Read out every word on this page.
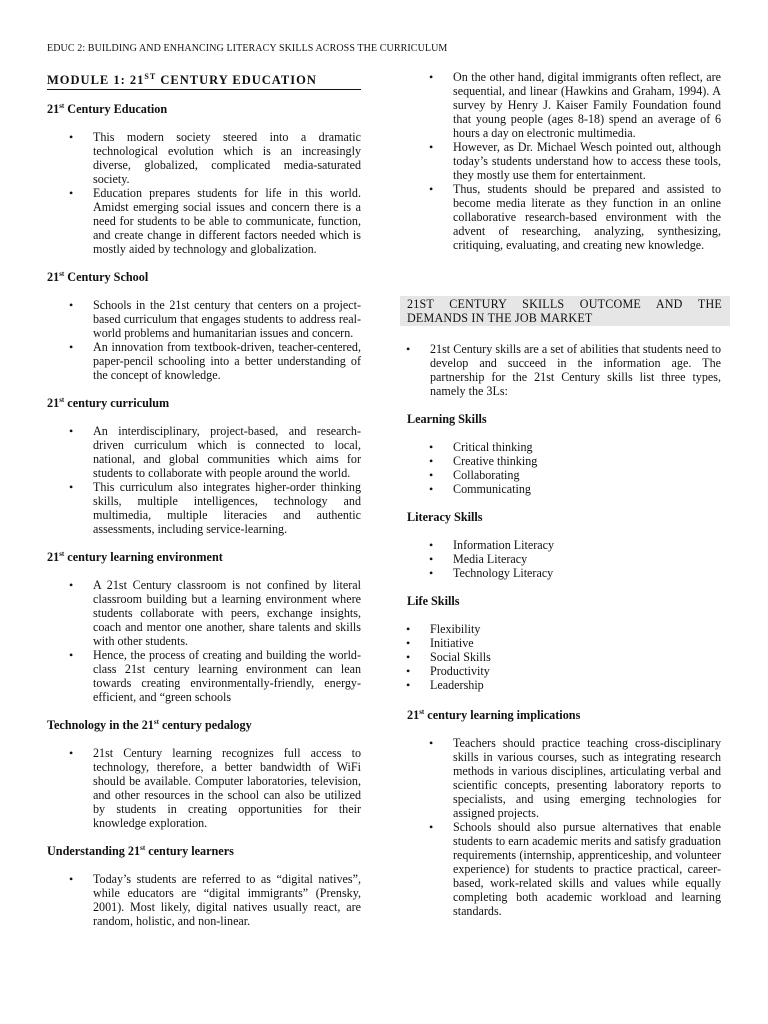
EDUC 2: BUILDING AND ENHANCING LITERACY SKILLS ACROSS THE CURRICULUM
MODULE 1: 21ST CENTURY EDUCATION
21st Century Education
• This modern society steered into a dramatic technological evolution which is an increasingly diverse, globalized, complicated media-saturated society.
• Education prepares students for life in this world. Amidst emerging social issues and concern there is a need for students to be able to communicate, function, and create change in different factors needed which is mostly aided by technology and globalization.
21st Century School
• Schools in the 21st century that centers on a project-based curriculum that engages students to address real-world problems and humanitarian issues and concern.
• An innovation from textbook-driven, teacher-centered, paper-pencil schooling into a better understanding of the concept of knowledge.
21st century curriculum
• An interdisciplinary, project-based, and research-driven curriculum which is connected to local, national, and global communities which aims for students to collaborate with people around the world.
• This curriculum also integrates higher-order thinking skills, multiple intelligences, technology and multimedia, multiple literacies and authentic assessments, including service-learning.
21st century learning environment
• A 21st Century classroom is not confined by literal classroom building but a learning environment where students collaborate with peers, exchange insights, coach and mentor one another, share talents and skills with other students.
• Hence, the process of creating and building the world-class 21st century learning environment can lean towards creating environmentally-friendly, energy-efficient, and “green schools
Technology in the 21st century pedalogy
• 21st Century learning recognizes full access to technology, therefore, a better bandwidth of WiFi should be available. Computer laboratories, television, and other resources in the school can also be utilized by students in creating opportunities for their knowledge exploration.
Understanding 21st century learners
• Today’s students are referred to as “digital natives”, while educators are “digital immigrants” (Prensky, 2001). Most likely, digital natives usually react, are random, holistic, and non-linear.
• On the other hand, digital immigrants often reflect, are sequential, and linear (Hawkins and Graham, 1994). A survey by Henry J. Kaiser Family Foundation found that young people (ages 8-18) spend an average of 6 hours a day on electronic multimedia.
• However, as Dr. Michael Wesch pointed out, although today’s students understand how to access these tools, they mostly use them for entertainment.
• Thus, students should be prepared and assisted to become media literate as they function in an online collaborative research-based environment with the advent of researching, analyzing, synthesizing, critiquing, evaluating, and creating new knowledge.
21ST CENTURY SKILLS OUTCOME AND THE DEMANDS IN THE JOB MARKET
• 21st Century skills are a set of abilities that students need to develop and succeed in the information age. The partnership for the 21st Century skills list three types, namely the 3Ls:
Learning Skills
• Critical thinking
• Creative thinking
• Collaborating
• Communicating
Literacy Skills
• Information Literacy
• Media Literacy
• Technology Literacy
Life Skills
• Flexibility
• Initiative
• Social Skills
• Productivity
• Leadership
21st century learning implications
• Teachers should practice teaching cross-disciplinary skills in various courses, such as integrating research methods in various disciplines, articulating verbal and scientific concepts, presenting laboratory reports to specialists, and using emerging technologies for assigned projects.
• Schools should also pursue alternatives that enable students to earn academic merits and satisfy graduation requirements (internship, apprenticeship, and volunteer experience) for students to practice practical, career-based, work-related skills and values while equally completing both academic workload and learning standards.
